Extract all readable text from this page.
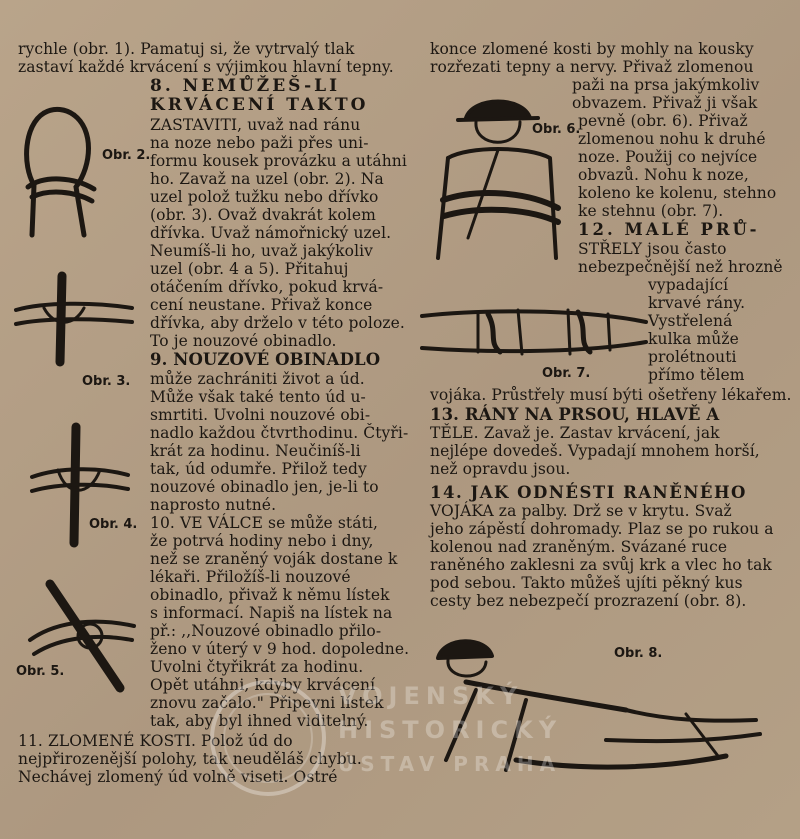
rychle (obr. 1). Pamatuj si, že vytrvalý tlak
zastaví každé krvácení s výjimkou hlavní tepny.
8. NEMŮŽEŠ-LI
KRVÁCENÍ TAKTO
ZASTAVITI, uvaž nad ránu
na noze nebo paži přes uni-
formu kousek provázku a utáhni
ho. Zavaž na uzel (obr. 2). Na
uzel polož tužku nebo dřívko
(obr. 3). Ovaž dvakrát kolem
dřívka. Uvaž námořnický uzel.
Neumíš-li ho, uvaž jakýkoliv
uzel (obr. 4 a 5). Přitahuj
otáčením dřívko, pokud krvá-
cení neustane. Přivaž konce
dřívka, aby drželo v této poloze.
To je nouzové obinadlo.
9. NOUZOVÉ OBINADLO
může zachrániti život a úd.
Může však také tento úd u-
smrtiti. Uvolni nouzové obi-
nadlo každou čtvrthodinu. Čtyři-
krát za hodinu. Neučiníš-li
tak, úd odumře. Přilož tedy
nouzové obinadlo jen, je-li to
naprosto nutné.
10. VE VÁLCE se může státi,
že potrvá hodiny nebo i dny,
než se zraněný voják dostane k
lékaři. Přiložíš-li nouzové
obinadlo, přivaž k němu lístek
s informací. Napiš na lístek na
př.: ,,Nouzové obinadlo přilo-
ženo v úterý v 9 hod. dopoledne.
Uvolni čtyřikrát za hodinu.
Opět utáhni, kdyby krvácení
znovu začalo." Připevni lístek
tak, aby byl ihned viditelný.
11. ZLOMENÉ KOSTI. Polož úd do
nejpřirozenější polohy, tak neuděláš chybu.
Nechávej zlomený úd volně viseti. Ostré
konce zlomené kosti by mohly na kousky
rozřezati tepny a nervy. Přivaž zlomenou
paži na prsa jakýmkoliv
obvazem. Přivaž ji však
pevně (obr. 6). Přivaž
zlomenou nohu k druhé
noze. Použij co nejvíce
obvazů. Nohu k noze,
koleno ke kolenu, stehno
ke stehnu (obr. 7).
12. MALÉ PRŮ-
STŘELY jsou často
nebezpečnější než hrozně
vypadající
krvavé rány.
Vystřelená
kulka může
prolétnouti
přímo tělem
vojáka. Průstřely musí býti ošetřeny lékařem.
13. RÁNY NA PRSOU, HLAVĚ A
TĚLE. Zavaž je. Zastav krvácení, jak
nejlépe dovedeš. Vypadají mnohem horší,
než opravdu jsou.
14. JAK ODNÉSTI RANĚNÉHO
VOJÁKA za palby. Drž se v krytu. Svaž
jeho zápěstí dohromady. Plaz se po rukou a
kolenou nad zraněným. Svázané ruce
raněného zaklesni za svůj krk a vlec ho tak
pod sebou. Takto můžeš ujíti pěkný kus
cesty bez nebezpečí prozrazení (obr. 8).
Obr. 2.
Obr. 3.
Obr. 4.
Obr. 5.
Obr. 6.
Obr. 7.
Obr. 8.
VOJENSKÝ
HISTORICKÝ
ÚSTAV PRAHA
